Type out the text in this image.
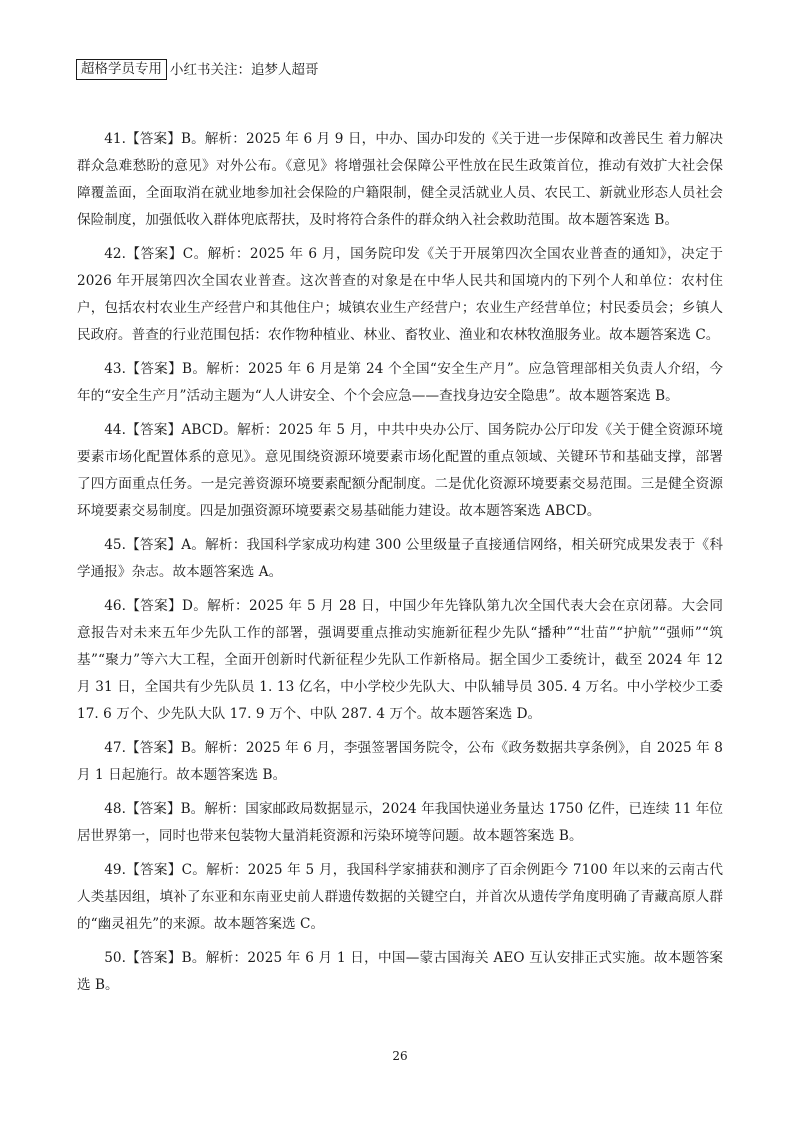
超格学员专用 小红书关注：追梦人超哥

41.【答案】B。解析：2025 年 6 月 9 日，中办、国办印发的《关于进一步保障和改善民生 着力解决群众急难愁盼的意见》对外公布。《意见》将增强社会保障公平性放在民生政策首位，推动有效扩大社会保障覆盖面，全面取消在就业地参加社会保险的户籍限制，健全灵活就业人员、农民工、新就业形态人员社会保险制度，加强低收入群体兜底帮扶，及时将符合条件的群众纳入社会救助范围。故本题答案选 B。

42.【答案】C。解析：2025 年 6 月，国务院印发《关于开展第四次全国农业普查的通知》，决定于 2026 年开展第四次全国农业普查。这次普查的对象是在中华人民共和国境内的下列个人和单位：农村住户，包括农村农业生产经营户和其他住户；城镇农业生产经营户；农业生产经营单位；村民委员会；乡镇人民政府。普查的行业范围包括：农作物种植业、林业、畜牧业、渔业和农林牧渔服务业。故本题答案选 C。

43.【答案】B。解析：2025 年 6 月是第 24 个全国“安全生产月”。应急管理部相关负责人介绍，今年的“安全生产月”活动主题为“人人讲安全、个个会应急——查找身边安全隐患”。故本题答案选 B。

44.【答案】ABCD。解析：2025 年 5 月，中共中央办公厅、国务院办公厅印发《关于健全资源环境要素市场化配置体系的意见》。意见围绕资源环境要素市场化配置的重点领域、关键环节和基础支撑，部署了四方面重点任务。一是完善资源环境要素配额分配制度。二是优化资源环境要素交易范围。三是健全资源环境要素交易制度。四是加强资源环境要素交易基础能力建设。故本题答案选 ABCD。

45.【答案】A。解析：我国科学家成功构建 300 公里级量子直接通信网络，相关研究成果发表于《科学通报》杂志。故本题答案选 A。

46.【答案】D。解析：2025 年 5 月 28 日，中国少年先锋队第九次全国代表大会在京闭幕。大会同意报告对未来五年少先队工作的部署，强调要重点推动实施新征程少先队“播种”“壮苗”“护航”“强师”“筑基”“聚力”等六大工程，全面开创新时代新征程少先队工作新格局。据全国少工委统计，截至 2024 年 12 月 31 日，全国共有少先队员 1. 13 亿名，中小学校少先队大、中队辅导员 305. 4 万名。中小学校少工委 17. 6 万个、少先队大队 17. 9 万个、中队 287. 4 万个。故本题答案选 D。

47.【答案】B。解析：2025 年 6 月，李强签署国务院令，公布《政务数据共享条例》，自 2025 年 8 月 1 日起施行。故本题答案选 B。

48.【答案】B。解析：国家邮政局数据显示，2024 年我国快递业务量达 1750 亿件，已连续 11 年位居世界第一，同时也带来包装物大量消耗资源和污染环境等问题。故本题答案选 B。

49.【答案】C。解析：2025 年 5 月，我国科学家捕获和测序了百余例距今 7100 年以来的云南古代人类基因组，填补了东亚和东南亚史前人群遗传数据的关键空白，并首次从遗传学角度明确了青藏高原人群的“幽灵祖先”的来源。故本题答案选 C。

50.【答案】B。解析：2025 年 6 月 1 日，中国—蒙古国海关 AEO 互认安排正式实施。故本题答案选 B。

26
